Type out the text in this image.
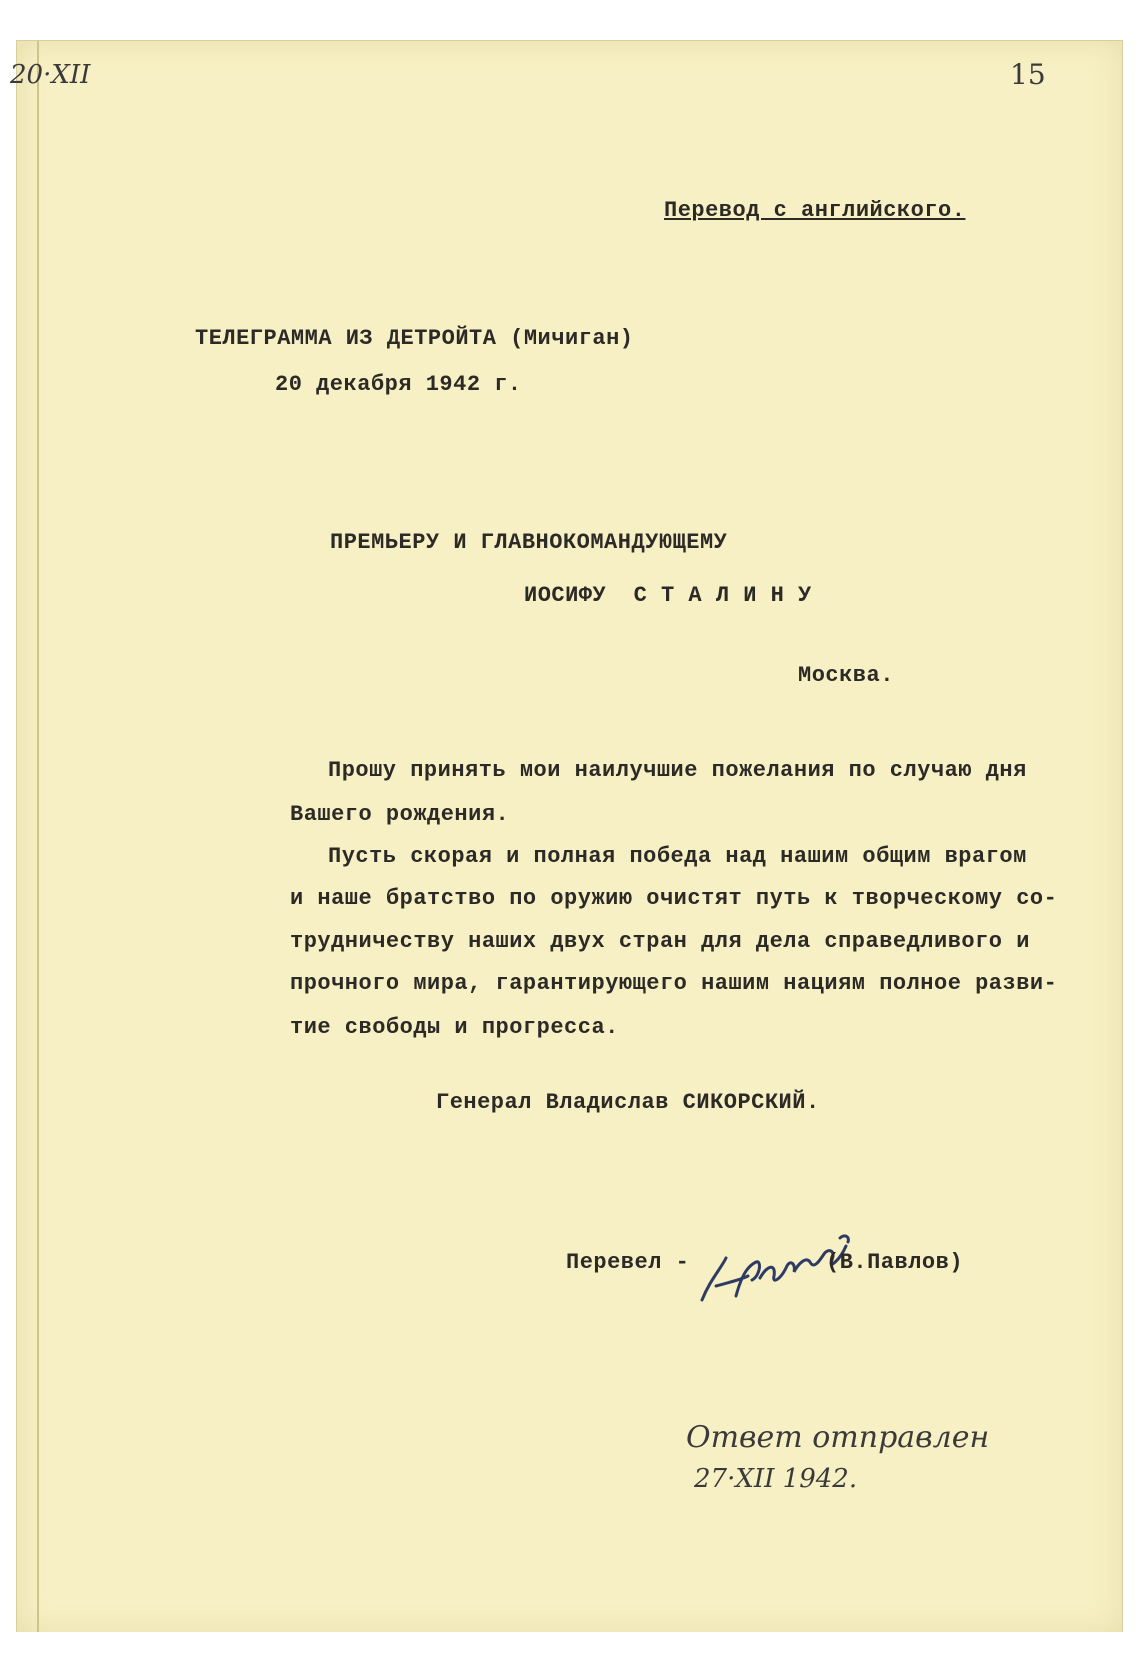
20·XII	15
Перевод с английского.
ТЕЛЕГРАММА ИЗ ДЕТРОЙТА (Мичиган)
20 декабря 1942 г.
ПРЕМЬЕРУ И ГЛАВНОКОМАНДУЮЩЕМУ
ИОСИФУ  С Т А Л И Н У
Москва.
Прошу принять мои наилучшие пожелания по случаю дня
Вашего рождения.
Пусть скорая и полная победа над нашим общим врагом
и наше братство по оружию очистят путь к творческому со-
трудничеству наших двух стран для дела справедливого и
прочного мира, гарантирующего нашим нациям полное разви-
тие свободы и прогресса.
Генерал Владислав СИКОРСКИЙ.
Перевел -	(В.Павлов)
Ответ отправлен
27·XII 1942.
